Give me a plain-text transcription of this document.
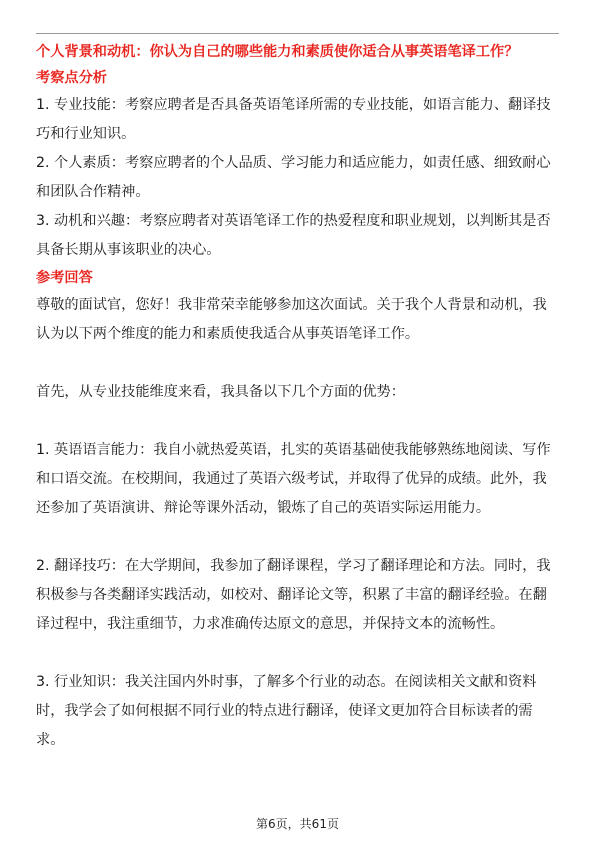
个人背景和动机：你认为自己的哪些能力和素质使你适合从事英语笔译工作？
考察点分析

1. 专业技能：考察应聘者是否具备英语笔译所需的专业技能，如语言能力、翻译技巧和行业知识。

2. 个人素质：考察应聘者的个人品质、学习能力和适应能力，如责任感、细致耐心和团队合作精神。

3. 动机和兴趣：考察应聘者对英语笔译工作的热爱程度和职业规划，以判断其是否具备长期从事该职业的决心。

参考回答

尊敬的面试官，您好！我非常荣幸能够参加这次面试。关于我个人背景和动机，我认为以下两个维度的能力和素质使我适合从事英语笔译工作。

首先，从专业技能维度来看，我具备以下几个方面的优势：

1. 英语语言能力：我自小就热爱英语，扎实的英语基础使我能够熟练地阅读、写作和口语交流。在校期间，我通过了英语六级考试，并取得了优异的成绩。此外，我还参加了英语演讲、辩论等课外活动，锻炼了自己的英语实际运用能力。

2. 翻译技巧：在大学期间，我参加了翻译课程，学习了翻译理论和方法。同时，我积极参与各类翻译实践活动，如校对、翻译论文等，积累了丰富的翻译经验。在翻译过程中，我注重细节，力求准确传达原文的意思，并保持文本的流畅性。

3. 行业知识：我关注国内外时事，了解多个行业的动态。在阅读相关文献和资料时，我学会了如何根据不同行业的特点进行翻译，使译文更加符合目标读者的需求。

第6页，共61页
